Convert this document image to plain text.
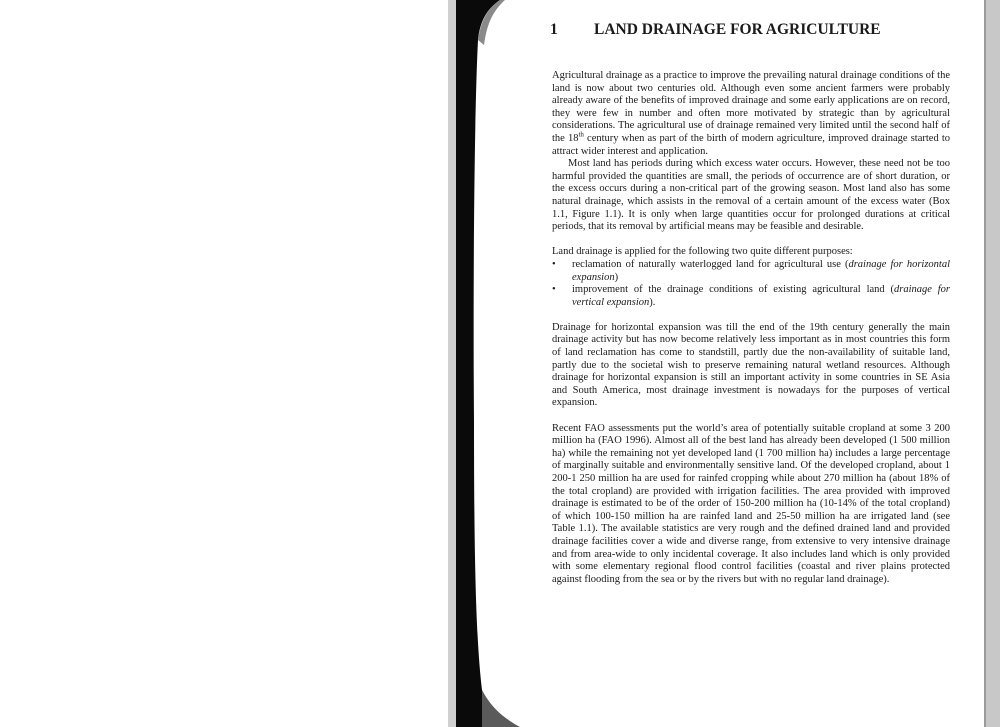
1	LAND DRAINAGE FOR AGRICULTURE

Agricultural drainage as a practice to improve the prevailing natural drainage conditions of the land is now about two centuries old. Although even some ancient farmers were probably already aware of the benefits of improved drainage and some early applications are on record, they were few in number and often more motivated by strategic than by agricultural considerations. The agricultural use of drainage remained very limited until the second half of the 18th century when as part of the birth of modern agriculture, improved drainage started to attract wider interest and application.

Most land has periods during which excess water occurs. However, these need not be too harmful provided the quantities are small, the periods of occurrence are of short duration, or the excess occurs during a non-critical part of the growing season. Most land also has some natural drainage, which assists in the removal of a certain amount of the excess water (Box 1.1, Figure 1.1). It is only when large quantities occur for prolonged durations at critical periods, that its removal by artificial means may be feasible and desirable.

Land drainage is applied for the following two quite different purposes:

• reclamation of naturally waterlogged land for agricultural use (drainage for horizontal expansion)
• improvement of the drainage conditions of existing agricultural land (drainage for vertical expansion).

Drainage for horizontal expansion was till the end of the 19th century generally the main drainage activity but has now become relatively less important as in most countries this form of land reclamation has come to standstill, partly due the non-availability of suitable land, partly due to the societal wish to preserve remaining natural wetland resources. Although drainage for horizontal expansion is still an important activity in some countries in SE Asia and South America, most drainage investment is nowadays for the purposes of vertical expansion.

Recent FAO assessments put the world’s area of potentially suitable cropland at some 3 200 million ha (FAO 1996). Almost all of the best land has already been developed (1 500 million ha) while the remaining not yet developed land (1 700 million ha) includes a large percentage of marginally suitable and environmentally sensitive land. Of the developed cropland, about 1 200-1 250 million ha are used for rainfed cropping while about 270 million ha (about 18% of the total cropland) are provided with irrigation facilities. The area provided with improved drainage is estimated to be of the order of 150-200 million ha (10-14% of the total cropland) of which 100-150 million ha are rainfed land and 25-50 million ha are irrigated land (see Table 1.1). The available statistics are very rough and the defined drained land and provided drainage facilities cover a wide and diverse range, from extensive to very intensive drainage and from area-wide to only incidental coverage. It also includes land which is only provided with some elementary regional flood control facilities (coastal and river plains protected against flooding from the sea or by the rivers but with no regular land drainage).
